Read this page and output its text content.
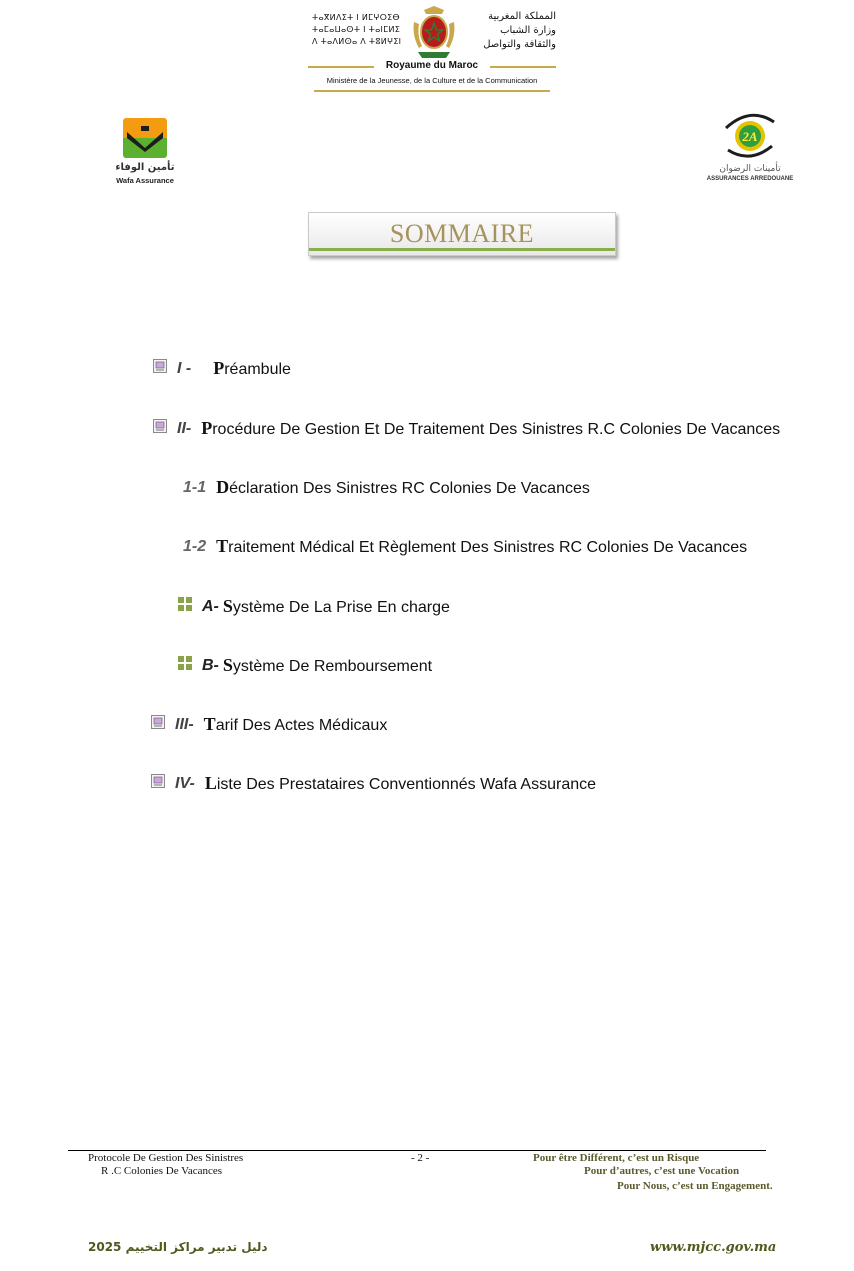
ⵜⴰⴳⵍⴷⵉⵜ ⵏ ⵍⵎⵖⵔⵉⴱ
ⵜⴰⵎⴰⵡⴰⵙⵜ ⵏ ⵜⴰⵏⵎⵍⵉ
ⴷ ⵜⴰⴷⵍⵙⴰ ⴷ ⵜⵓⵍⵖⵉⵏ
المملكة المغربية
وزارة الشباب
والثقافة والتواصل
Royaume du Maroc
Ministère de la Jeunesse, de la Culture et de la Communication
تأمين الوفاء
Wafa Assurance
2A
تأمينات الرضوان
ASSURANCES ARREDOUANE
SOMMAIRE
I - Préambule
II- Procédure De Gestion Et De Traitement Des Sinistres R.C Colonies De Vacances
1-1 Déclaration Des Sinistres RC Colonies De Vacances
1-2 Traitement Médical Et Règlement Des Sinistres RC Colonies De Vacances
A- Système De La Prise En charge
B- Système De Remboursement
III- Tarif Des Actes Médicaux
IV- Liste Des Prestataires Conventionnés Wafa Assurance
Protocole De Gestion Des Sinistres
R .C Colonies De Vacances
- 2 -	Pour être Différent, c’est un Risque
Pour d’autres, c’est une Vocation
Pour Nous, c’est un Engagement.
دليل تدبير مراكز التخييم 2025	www.mjcc.gov.ma
